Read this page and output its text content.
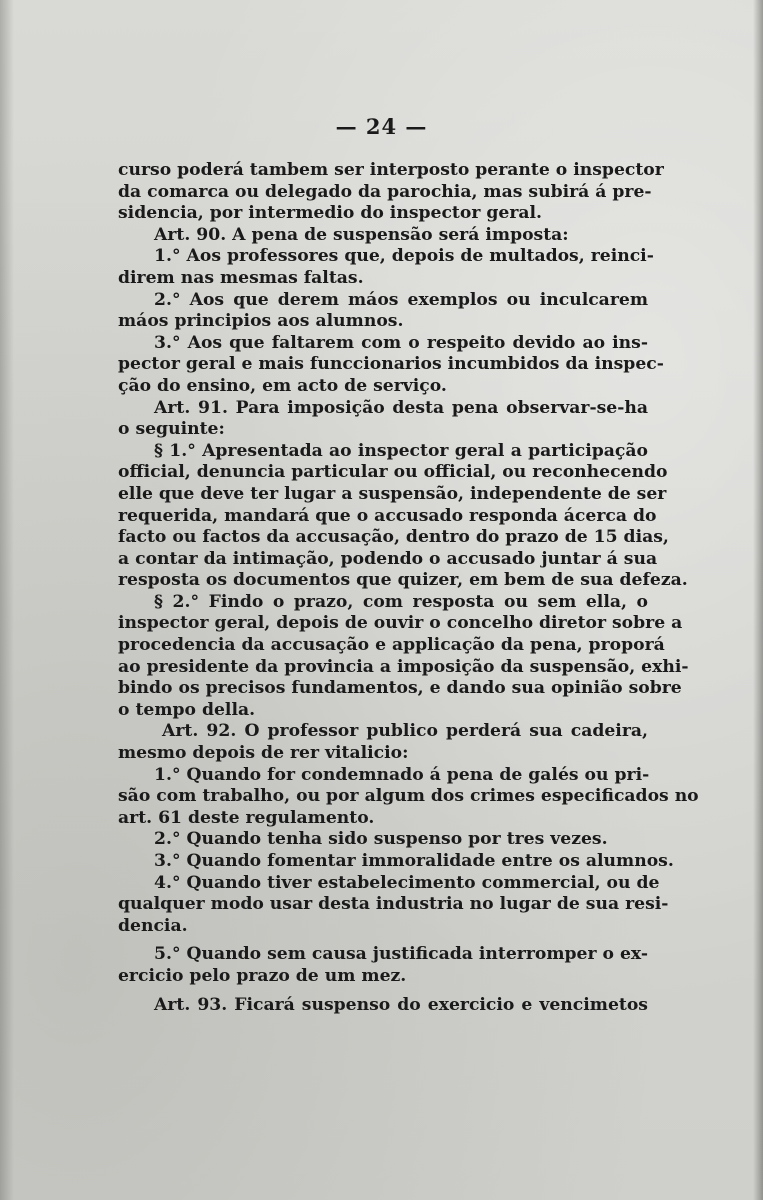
— 24 —
curso poderá tambem ser interposto perante o inspector
da comarca ou delegado da parochia, mas subirá á pre-
sidencia, por intermedio do inspector geral.
Art. 90. A pena de suspensão será imposta:
1.° Aos professores que, depois de multados, reinci-
direm nas mesmas faltas.
2.° Aos que derem máos exemplos ou inculcarem
máos principios aos alumnos.
3.° Aos que faltarem com o respeito devido ao ins-
pector geral e mais funccionarios incumbidos da inspec-
ção do ensino, em acto de serviço.
Art. 91. Para imposição desta pena observar-se-ha
o seguinte:
§ 1.° Apresentada ao inspector geral a participação
official, denuncia particular ou official, ou reconhecendo
elle que deve ter lugar a suspensão, independente de ser
requerida, mandará que o accusado responda ácerca do
facto ou factos da accusação, dentro do prazo de 15 dias,
a contar da intimação, podendo o accusado juntar á sua
resposta os documentos que quizer, em bem de sua defeza.
§ 2.° Findo o prazo, com resposta ou sem ella, o
inspector geral, depois de ouvir o concelho diretor sobre a
procedencia da accusação e applicação da pena, proporá
ao presidente da provincia a imposição da suspensão, exhi-
bindo os precisos fundamentos, e dando sua opinião sobre
o tempo della.
Art. 92. O professor publico perderá sua cadeira,
mesmo depois de rer vitalicio:
1.° Quando for condemnado á pena de galés ou pri-
são com trabalho, ou por algum dos crimes especificados no
art. 61 deste regulamento.
2.° Quando tenha sido suspenso por tres vezes.
3.° Quando fomentar immoralidade entre os alumnos.
4.° Quando tiver estabelecimento commercial, ou de
qualquer modo usar desta industria no lugar de sua resi-
dencia.
5.° Quando sem causa justificada interromper o ex-
ercicio pelo prazo de um mez.
Art. 93. Ficará suspenso do exercicio e vencimetos
